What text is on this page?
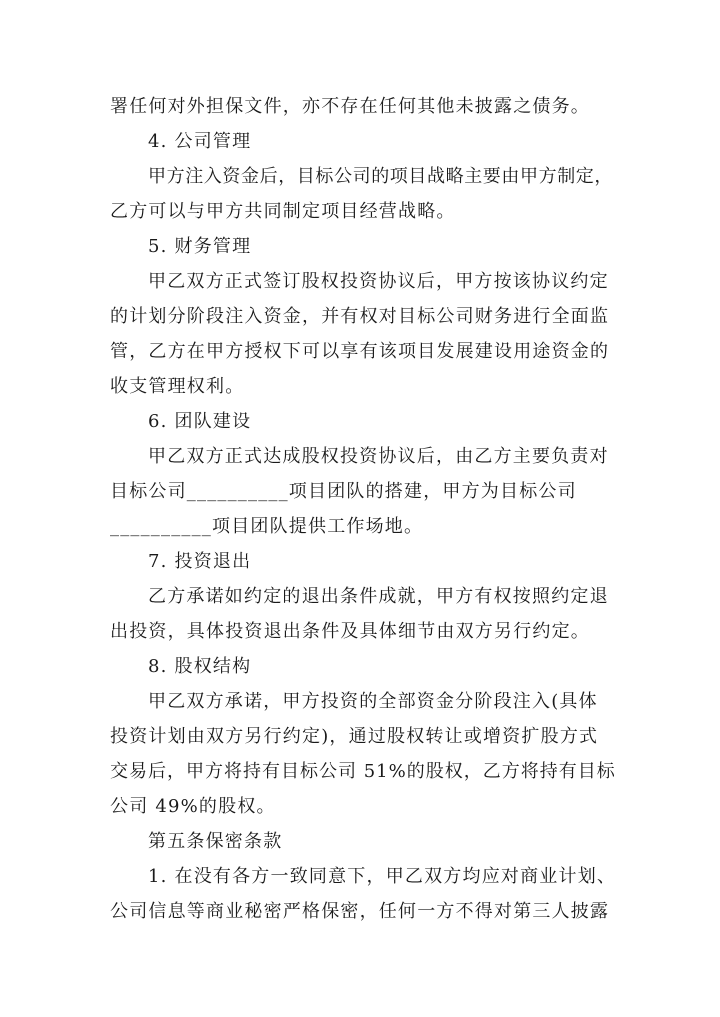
署任何对外担保文件，亦不存在任何其他未披露之债务。
4. 公司管理
甲方注入资金后，目标公司的项目战略主要由甲方制定，
乙方可以与甲方共同制定项目经营战略。
5. 财务管理
甲乙双方正式签订股权投资协议后，甲方按该协议约定
的计划分阶段注入资金，并有权对目标公司财务进行全面监
管，乙方在甲方授权下可以享有该项目发展建设用途资金的
收支管理权利。
6. 团队建设
甲乙双方正式达成股权投资协议后，由乙方主要负责对
目标公司__________项目团队的搭建，甲方为目标公司
__________项目团队提供工作场地。
7. 投资退出
乙方承诺如约定的退出条件成就，甲方有权按照约定退
出投资，具体投资退出条件及具体细节由双方另行约定。
8. 股权结构
甲乙双方承诺，甲方投资的全部资金分阶段注入(具体
投资计划由双方另行约定)，通过股权转让或增资扩股方式
交易后，甲方将持有目标公司 51%的股权，乙方将持有目标
公司 49%的股权。
第五条保密条款
1. 在没有各方一致同意下，甲乙双方均应对商业计划、
公司信息等商业秘密严格保密，任何一方不得对第三人披露
